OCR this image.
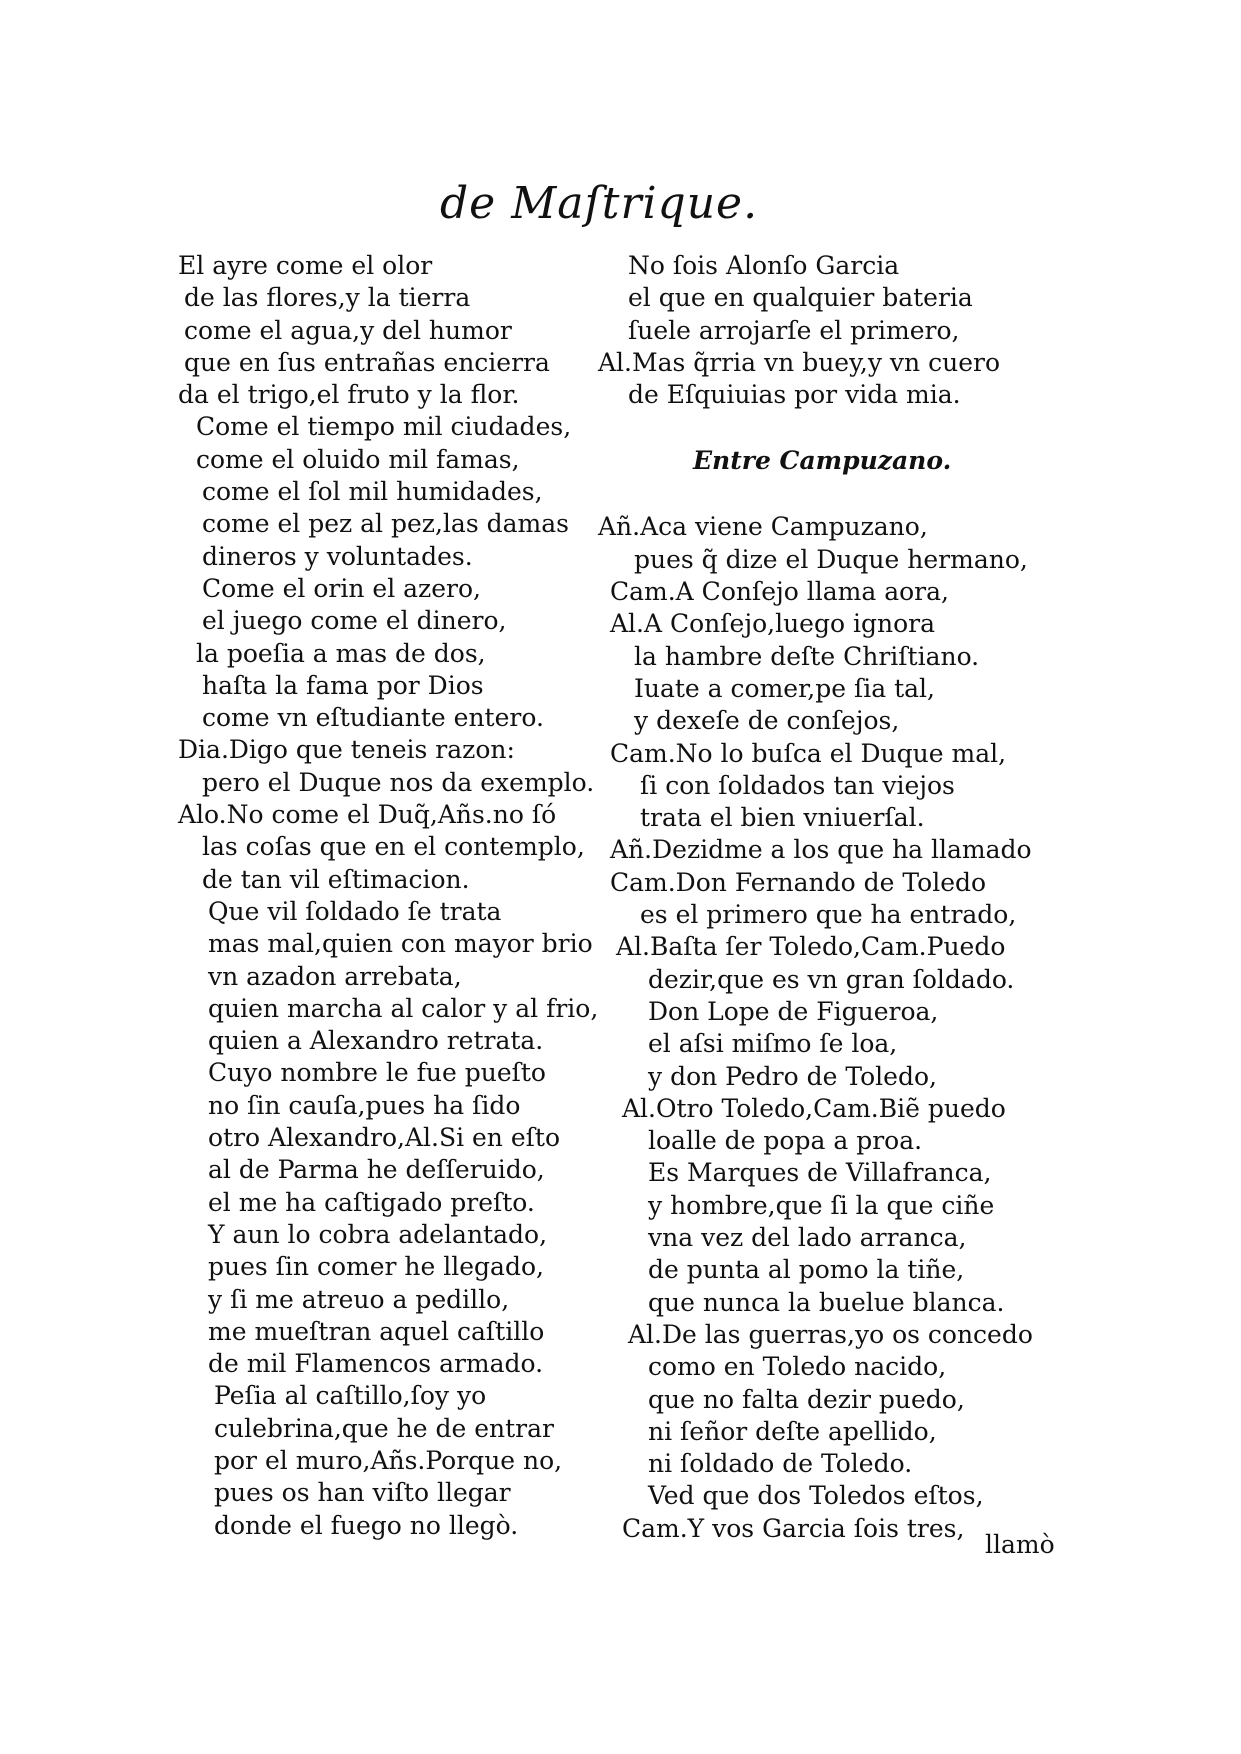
de Maſtrique.
El ayre come el olor
de las flores,y la tierra
come el agua,y del humor
que en ſus entrañas encierra
da el trigo,el fruto y la flor.
Come el tiempo mil ciudades,
come el oluido mil famas,
come el ſol mil humidades,
come el pez al pez,las damas
dineros y voluntades.
Come el orin el azero,
el juego come el dinero,
la poeſia a mas de dos,
haſta la fama por Dios
come vn eſtudiante entero.
Dia.Digo que teneis razon:
pero el Duque nos da exemplo.
Alo.No come el Duq̃,Añs.no ſó
las coſas que en el contemplo,
de tan vil eſtimacion.
Que vil ſoldado ſe trata
mas mal,quien con mayor brio
vn azadon arrebata,
quien marcha al calor y al frio,
quien a Alexandro retrata.
Cuyo nombre le fue pueſto
no ſin cauſa,pues ha ſido
otro Alexandro,Al.Si en eſto
al de Parma he deſſeruido,
el me ha caſtigado preſto.
Y aun lo cobra adelantado,
pues ſin comer he llegado,
y ſi me atreuo a pedillo,
me mueſtran aquel caſtillo
de mil Flamencos armado.
Peſia al caſtillo,ſoy yo
culebrina,que he de entrar
por el muro,Añs.Porque no,
pues os han viſto llegar
donde el fuego no llegò.
No ſois Alonſo Garcia
el que en qualquier bateria
ſuele arrojarſe el primero,
Al.Mas q̃rria vn buey,y vn cuero
de Eſquiuias por vida mia.
Entre Campuzano.
Añ.Aca viene Campuzano,
pues q̃ dize el Duque hermano,
Cam.A Conſejo llama aora,
Al.A Conſejo,luego ignora
la hambre deſte Chriſtiano.
Iuate a comer,pe ſia tal,
y dexeſe de conſejos,
Cam.No lo buſca el Duque mal,
ſi con ſoldados tan viejos
trata el bien vniuerſal.
Añ.Dezidme a los que ha llamado
Cam.Don Fernando de Toledo
es el primero que ha entrado,
Al.Baſta ſer Toledo,Cam.Puedo
dezir,que es vn gran ſoldado.
Don Lope de Figueroa,
el aſsi miſmo ſe loa,
y don Pedro de Toledo,
Al.Otro Toledo,Cam.Biẽ puedo
loalle de popa a proa.
Es Marques de Villafranca,
y hombre,que ſi la que ciñe
vna vez del lado arranca,
de punta al pomo la tiñe,
que nunca la buelue blanca.
Al.De las guerras,yo os concedo
como en Toledo nacido,
que no falta dezir puedo,
ni ſeñor deſte apellido,
ni ſoldado de Toledo.
Ved que dos Toledos eſtos,
Cam.Y vos Garcia ſois tres,
llamò
